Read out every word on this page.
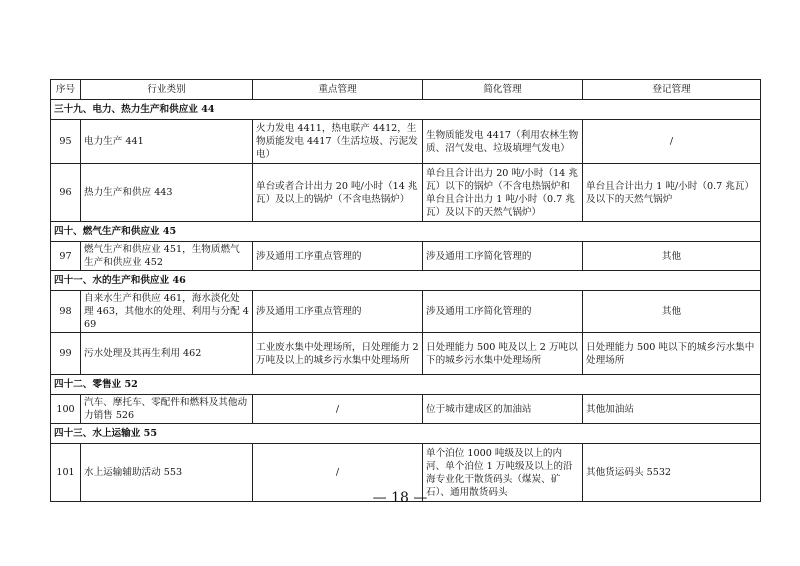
序号	行业类别	重点管理	简化管理	登记管理
三十九、电力、热力生产和供应业 44				
95	电力生产 441	火力发电 4411，热电联产 4412，生物质能发电 4417（生活垃圾、污泥发电）	生物质能发电 4417（利用农林生物质、沼气发电、垃圾填埋气发电）	/
96	热力生产和供应 443	单台或者合计出力 20 吨/小时（14 兆瓦）及以上的锅炉（不含电热锅炉）	单台且合计出力 20 吨/小时（14 兆瓦）以下的锅炉（不含电热锅炉和单台且合计出力 1 吨/小时（0.7 兆瓦）及以下的天然气锅炉）	单台且合计出力 1 吨/小时（0.7 兆瓦）及以下的天然气锅炉
四十、燃气生产和供应业 45				
97	燃气生产和供应业 451，生物质燃气生产和供应业 452	涉及通用工序重点管理的	涉及通用工序简化管理的	其他
四十一、水的生产和供应业 46				
98	自来水生产和供应 461，海水淡化处理 463，其他水的处理、利用与分配 469	涉及通用工序重点管理的	涉及通用工序简化管理的	其他
99	污水处理及其再生利用 462	工业废水集中处理场所，日处理能力 2 万吨及以上的城乡污水集中处理场所	日处理能力 500 吨及以上 2 万吨以下的城乡污水集中处理场所	日处理能力 500 吨以下的城乡污水集中处理场所
四十二、零售业 52				
100	汽车、摩托车、零配件和燃料及其他动力销售 526	/	位于城市建成区的加油站	其他加油站
四十三、水上运输业 55				
101	水上运输辅助活动 553	/	单个泊位 1000 吨级及以上的内河、单个泊位 1 万吨级及以上的沿海专业化干散货码头（煤炭、矿石）、通用散货码头	其他货运码头 5532
— 18 —
